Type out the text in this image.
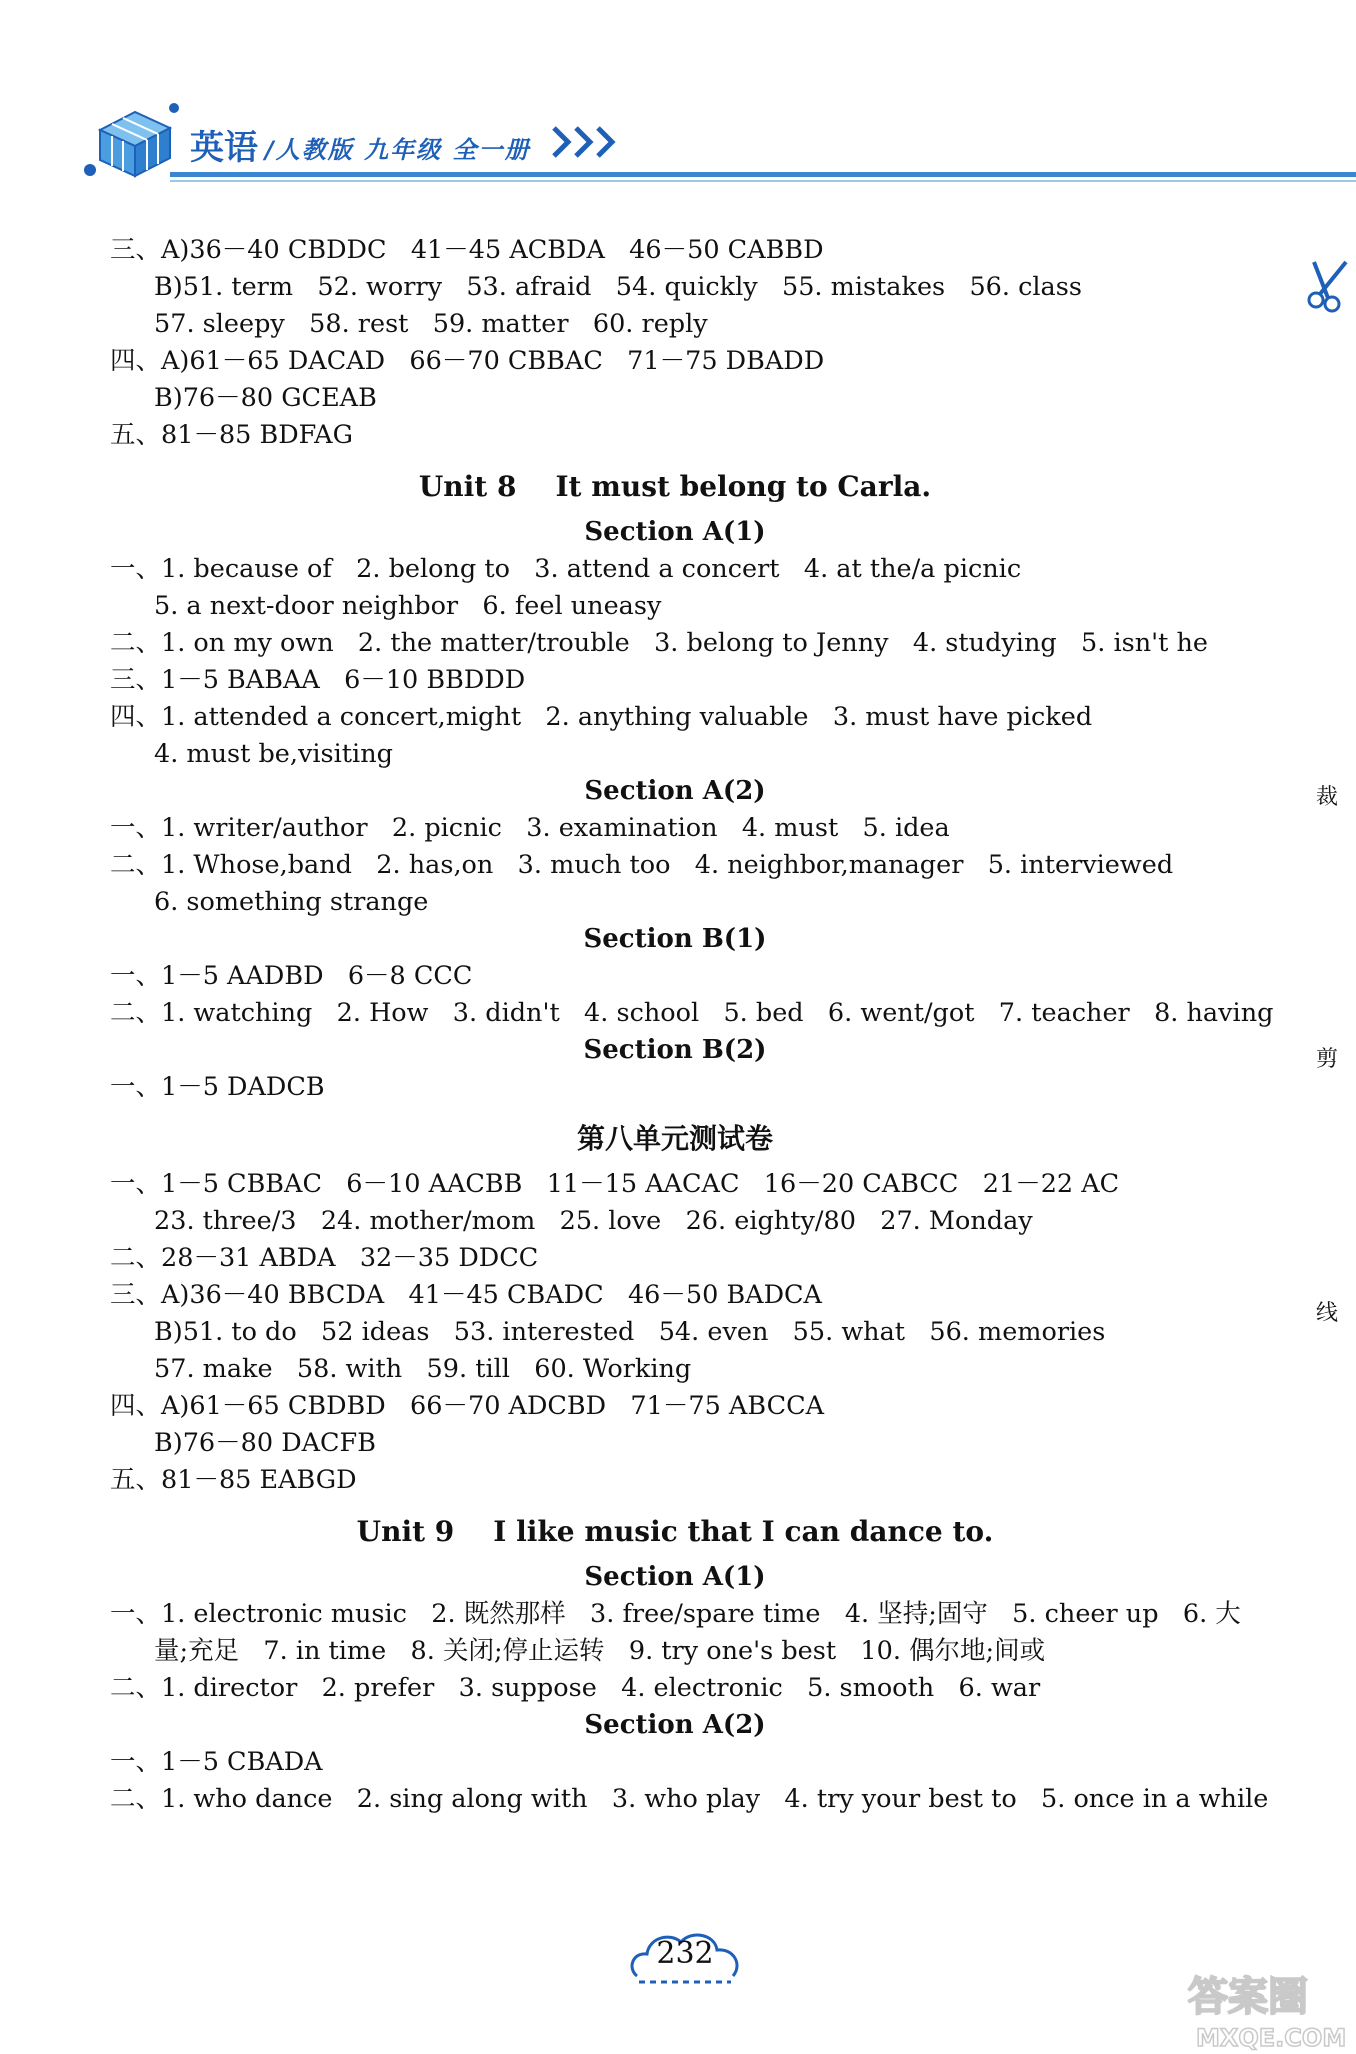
英语 /人教版 九年级 全一册
裁
剪
线
三、A)36－40 CBDDC   41－45 ACBDA   46－50 CABBD
B)51. term   52. worry   53. afraid   54. quickly   55. mistakes   56. class
57. sleepy   58. rest   59. matter   60. reply
四、A)61－65 DACAD   66－70 CBBAC   71－75 DBADD
B)76－80 GCEAB
五、81－85 BDFAG
Unit 8    It must belong to Carla.
Section A(1)
一、1. because of   2. belong to   3. attend a concert   4. at the/a picnic
5. a next-door neighbor   6. feel uneasy
二、1. on my own   2. the matter/trouble   3. belong to Jenny   4. studying   5. isn't he
三、1－5 BABAA   6－10 BBDDD
四、1. attended a concert,might   2. anything valuable   3. must have picked
4. must be,visiting
Section A(2)
一、1. writer/author   2. picnic   3. examination   4. must   5. idea
二、1. Whose,band   2. has,on   3. much too   4. neighbor,manager   5. interviewed
6. something strange
Section B(1)
一、1－5 AADBD   6－8 CCC
二、1. watching   2. How   3. didn't   4. school   5. bed   6. went/got   7. teacher   8. having
Section B(2)
一、1－5 DADCB
第八单元测试卷
一、1－5 CBBAC   6－10 AACBB   11－15 AACAC   16－20 CABCC   21－22 AC
23. three/3   24. mother/mom   25. love   26. eighty/80   27. Monday
二、28－31 ABDA   32－35 DDCC
三、A)36－40 BBCDA   41－45 CBADC   46－50 BADCA
B)51. to do   52 ideas   53. interested   54. even   55. what   56. memories
57. make   58. with   59. till   60. Working
四、A)61－65 CBDBD   66－70 ADCBD   71－75 ABCCA
B)76－80 DACFB
五、81－85 EABGD
Unit 9    I like music that I can dance to.
Section A(1)
一、1. electronic music   2. 既然那样   3. free/spare time   4. 坚持;固守   5. cheer up   6. 大
量;充足   7. in time   8. 关闭;停止运转   9. try one's best   10. 偶尔地;间或
二、1. director   2. prefer   3. suppose   4. electronic   5. smooth   6. war
Section A(2)
一、1－5 CBADA
二、1. who dance   2. sing along with   3. who play   4. try your best to   5. once in a while
232
答案圈
MXQE.COM
